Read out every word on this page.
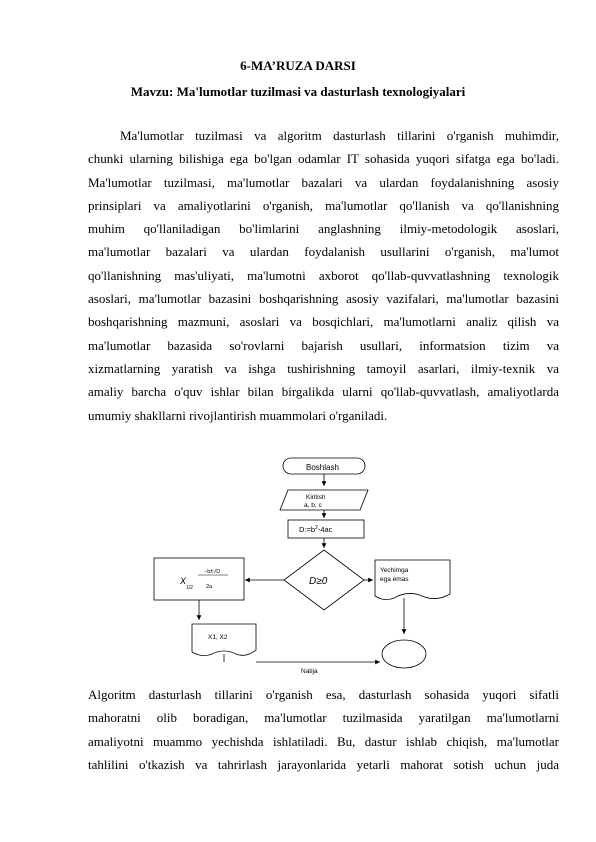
6-MA’RUZA DARSI
Mavzu: Ma'lumotlar tuzilmasi va dasturlash texnologiyalari
Ma'lumotlar tuzilmasi va algoritm dasturlash tillarini o'rganish muhimdir,
chunki ularning bilishiga ega bo'lgan odamlar IT sohasida yuqori sifatga ega bo'ladi.
Ma'lumotlar tuzilmasi, ma'lumotlar bazalari va ulardan foydalanishning asosiy
prinsiplari va amaliyotlarini o'rganish, ma'lumotlar qo'llanish va qo'llanishning
muhim qo'llaniladigan bo'limlarini anglashning ilmiy-metodologik asoslari,
ma'lumotlar bazalari va ulardan foydalanish usullarini o'rganish, ma'lumot
qo'llanishning mas'uliyati, ma'lumotni axborot qo'llab-quvvatlashning texnologik
asoslari, ma'lumotlar bazasini boshqarishning asosiy vazifalari, ma'lumotlar bazasini
boshqarishning mazmuni, asoslari va bosqichlari, ma'lumotlarni analiz qilish va
ma'lumotlar bazasida so'rovlarni bajarish usullari, informatsion tizim va
xizmatlarning yaratish va ishga tushirishning tamoyil asarlari, ilmiy-texnik va
amaliy barcha o'quv ishlar bilan birgalikda ularni qo'llab-quvvatlash, amaliyotlarda
umumiy shakllarni rivojlantirish muammolari o'rganiladi.
Boshlash
Kiritish
a, b, c
$D:=b^2-4ac$
D≥0
Yechimga
ega emas
X
1/2
−b±√D
2a
X1, X2
Natija
Algoritm dasturlash tillarini o'rganish esa, dasturlash sohasida yuqori sifatli
mahoratni olib boradigan, ma'lumotlar tuzilmasida yaratilgan ma'lumotlarni
amaliyotni muammo yechishda ishlatiladi. Bu, dastur ishlab chiqish, ma'lumotlar
tahlilini o'tkazish va tahrirlash jarayonlarida yetarli mahorat sotish uchun juda
